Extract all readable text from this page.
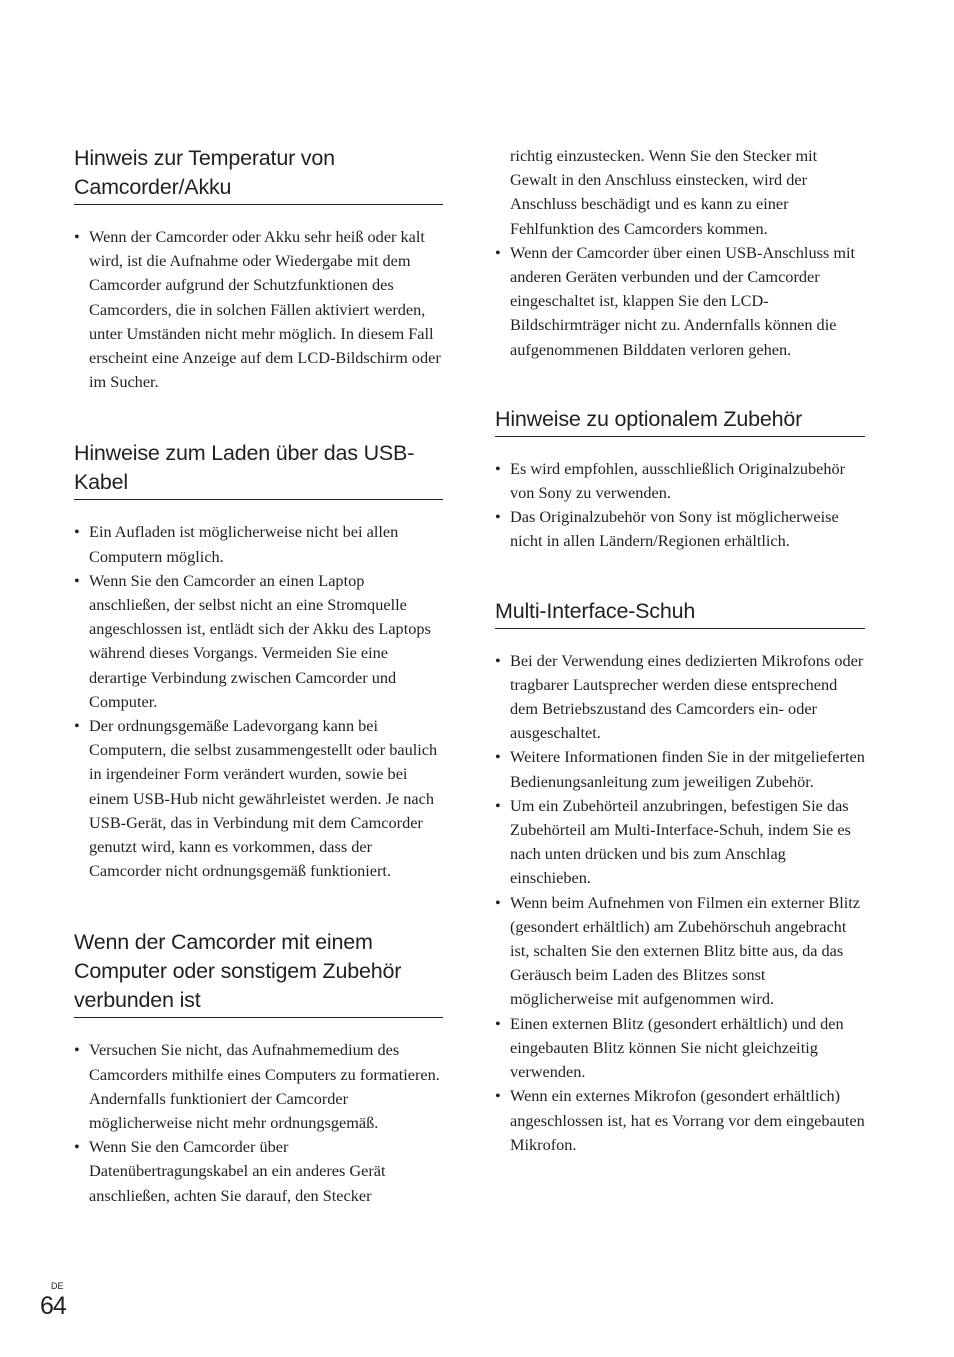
Hinweis zur Temperatur von Camcorder/Akku
• Wenn der Camcorder oder Akku sehr heiß oder kalt wird, ist die Aufnahme oder Wiedergabe mit dem Camcorder aufgrund der Schutzfunktionen des Camcorders, die in solchen Fällen aktiviert werden, unter Umständen nicht mehr möglich. In diesem Fall erscheint eine Anzeige auf dem LCD-Bildschirm oder im Sucher.
Hinweise zum Laden über das USB-Kabel
• Ein Aufladen ist möglicherweise nicht bei allen Computern möglich.
• Wenn Sie den Camcorder an einen Laptop anschließen, der selbst nicht an eine Stromquelle angeschlossen ist, entlädt sich der Akku des Laptops während dieses Vorgangs. Vermeiden Sie eine derartige Verbindung zwischen Camcorder und Computer.
• Der ordnungsgemäße Ladevorgang kann bei Computern, die selbst zusammengestellt oder baulich in irgendeiner Form verändert wurden, sowie bei einem USB-Hub nicht gewährleistet werden. Je nach USB-Gerät, das in Verbindung mit dem Camcorder genutzt wird, kann es vorkommen, dass der Camcorder nicht ordnungsgemäß funktioniert.
Wenn der Camcorder mit einem Computer oder sonstigem Zubehör verbunden ist
• Versuchen Sie nicht, das Aufnahmemedium des Camcorders mithilfe eines Computers zu formatieren. Andernfalls funktioniert der Camcorder möglicherweise nicht mehr ordnungsgemäß.
• Wenn Sie den Camcorder über Datenübertragungskabel an ein anderes Gerät anschließen, achten Sie darauf, den Stecker
richtig einzustecken. Wenn Sie den Stecker mit Gewalt in den Anschluss einstecken, wird der Anschluss beschädigt und es kann zu einer Fehlfunktion des Camcorders kommen.
• Wenn der Camcorder über einen USB-Anschluss mit anderen Geräten verbunden und der Camcorder eingeschaltet ist, klappen Sie den LCD-Bildschirmträger nicht zu. Andernfalls können die aufgenommenen Bilddaten verloren gehen.
Hinweise zu optionalem Zubehör
• Es wird empfohlen, ausschließlich Originalzubehör von Sony zu verwenden.
• Das Originalzubehör von Sony ist möglicherweise nicht in allen Ländern/Regionen erhältlich.
Multi-Interface-Schuh
• Bei der Verwendung eines dedizierten Mikrofons oder tragbarer Lautsprecher werden diese entsprechend dem Betriebszustand des Camcorders ein- oder ausgeschaltet.
• Weitere Informationen finden Sie in der mitgelieferten Bedienungsanleitung zum jeweiligen Zubehör.
• Um ein Zubehörteil anzubringen, befestigen Sie das Zubehörteil am Multi-Interface-Schuh, indem Sie es nach unten drücken und bis zum Anschlag einschieben.
• Wenn beim Aufnehmen von Filmen ein externer Blitz (gesondert erhältlich) am Zubehörschuh angebracht ist, schalten Sie den externen Blitz bitte aus, da das Geräusch beim Laden des Blitzes sonst möglicherweise mit aufgenommen wird.
• Einen externen Blitz (gesondert erhältlich) und den eingebauten Blitz können Sie nicht gleichzeitig verwenden.
• Wenn ein externes Mikrofon (gesondert erhältlich) angeschlossen ist, hat es Vorrang vor dem eingebauten Mikrofon.
DE
64
